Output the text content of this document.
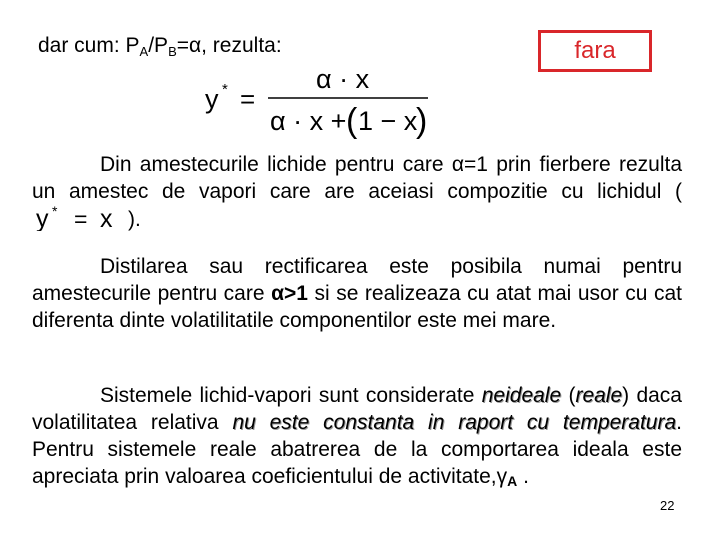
dar cum: $P_A/P_B=\alpha$, rezulta:	fara
y * =
α · x
α · x + ( 1 − x
)
Din amestecurile lichide pentru care α=1 prin fierbere rezulta un amestec de vapori care are aceiasi compozitie cu lichidul (
y * = x ).
Distilarea sau rectificarea este posibila numai pentru amestecurile pentru care α>1 si se realizeaza cu atat mai usor cu cat diferenta dinte volatilitatile componentilor este mei mare.
Sistemele lichid-vapori sunt considerate neideale (reale) daca volatilitatea relativa nu este constanta in raport cu temperatura. Pentru sistemele reale abatrerea de la comportarea ideala este apreciata prin valoarea coeficientului de activitate,γA .
22
